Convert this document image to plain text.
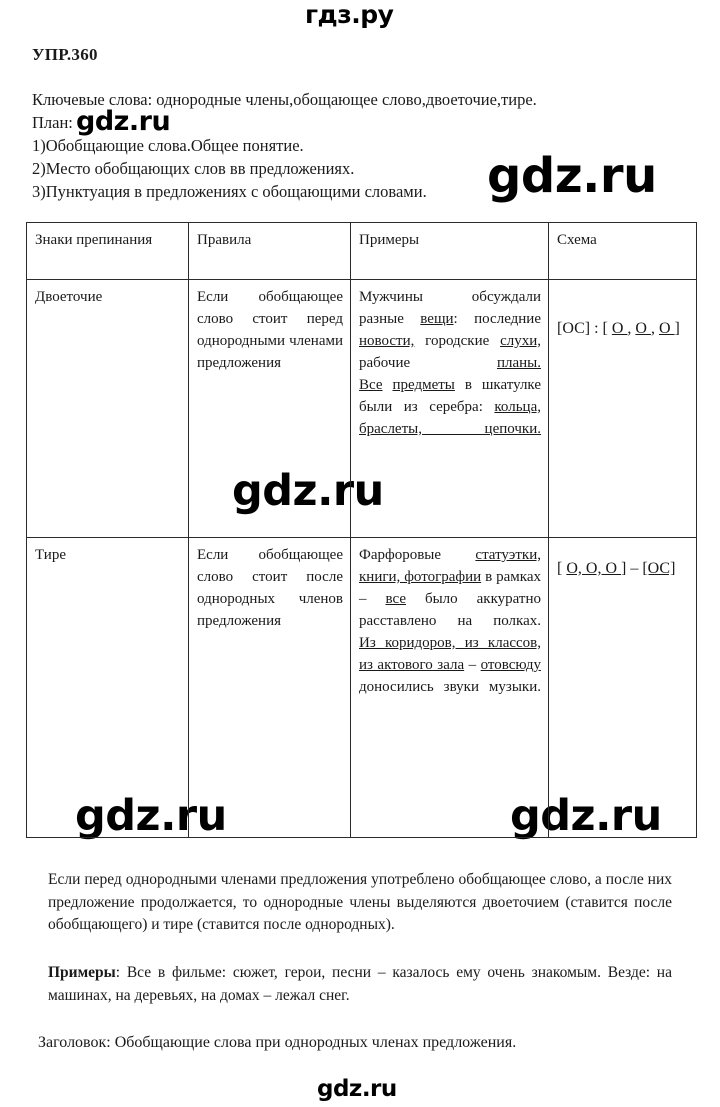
гдз.ру
gdz.ru
gdz.ru
gdz.ru
gdz.ru	gdz.ru
gdz.ru
УПР.360
Ключевые слова: однородные члены,обощающее слово,двоеточие,тире.
План:
1)Обобщающие слова.Общее понятие.
2)Место обобщающих слов вв предложениях.
3)Пунктуация в предложениях с обощающими словами.
Знаки препинания	Правила	Примеры	Схема
Двоеточие	Если обобщающее слово стоит перед однородными членами предложения	Мужчины обсуждали разные вещи: последние новости, городские слухи, рабочие планы.
Все предметы в шкатулке были из серебра: кольца, браслеты, цепочки.	[ОС] : [ О , О , О ]
Тире	Если обобщающее слово стоит после однородных членов предложения	Фарфоровые статуэтки, книги, фотографии в рамках – все было аккуратно расставлено на полках.
Из коридоров, из классов, из актового зала – отовсюду доносились звуки музыки.	[ О, О, О ] – [ОС]
Если перед однородными членами предложения употреблено обобщающее слово, а после них предложение продолжается, то однородные члены выделяются двоеточием (ставится после обобщающего) и тире (ставится после однородных).
Примеры: Все в фильме: сюжет, герои, песни – казалось ему очень знакомым. Везде: на машинах, на деревьях, на домах – лежал снег.
Заголовок: Обобщающие слова при однородных членах предложения.
